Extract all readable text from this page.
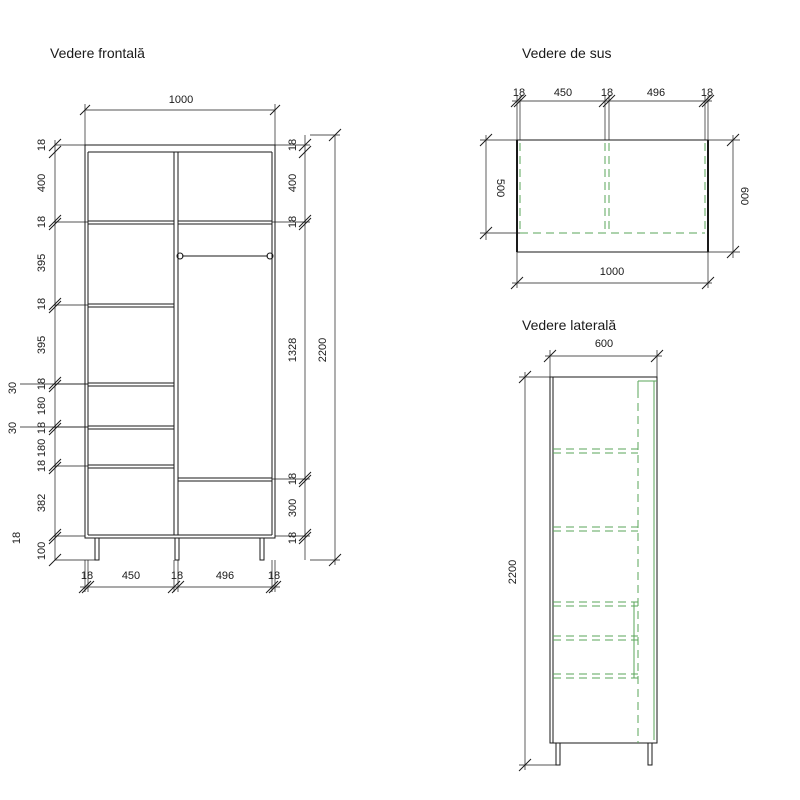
Vedere frontală
1000
18
400
18
395
18
395
18
180
18
180
18
382
18
100
30
30
18
400
18
1328
18
300
18
2200
18	450	18	496	18
Vedere de sus
18	450	18	496	18
500	600
1000
Vedere laterală
600
2200
